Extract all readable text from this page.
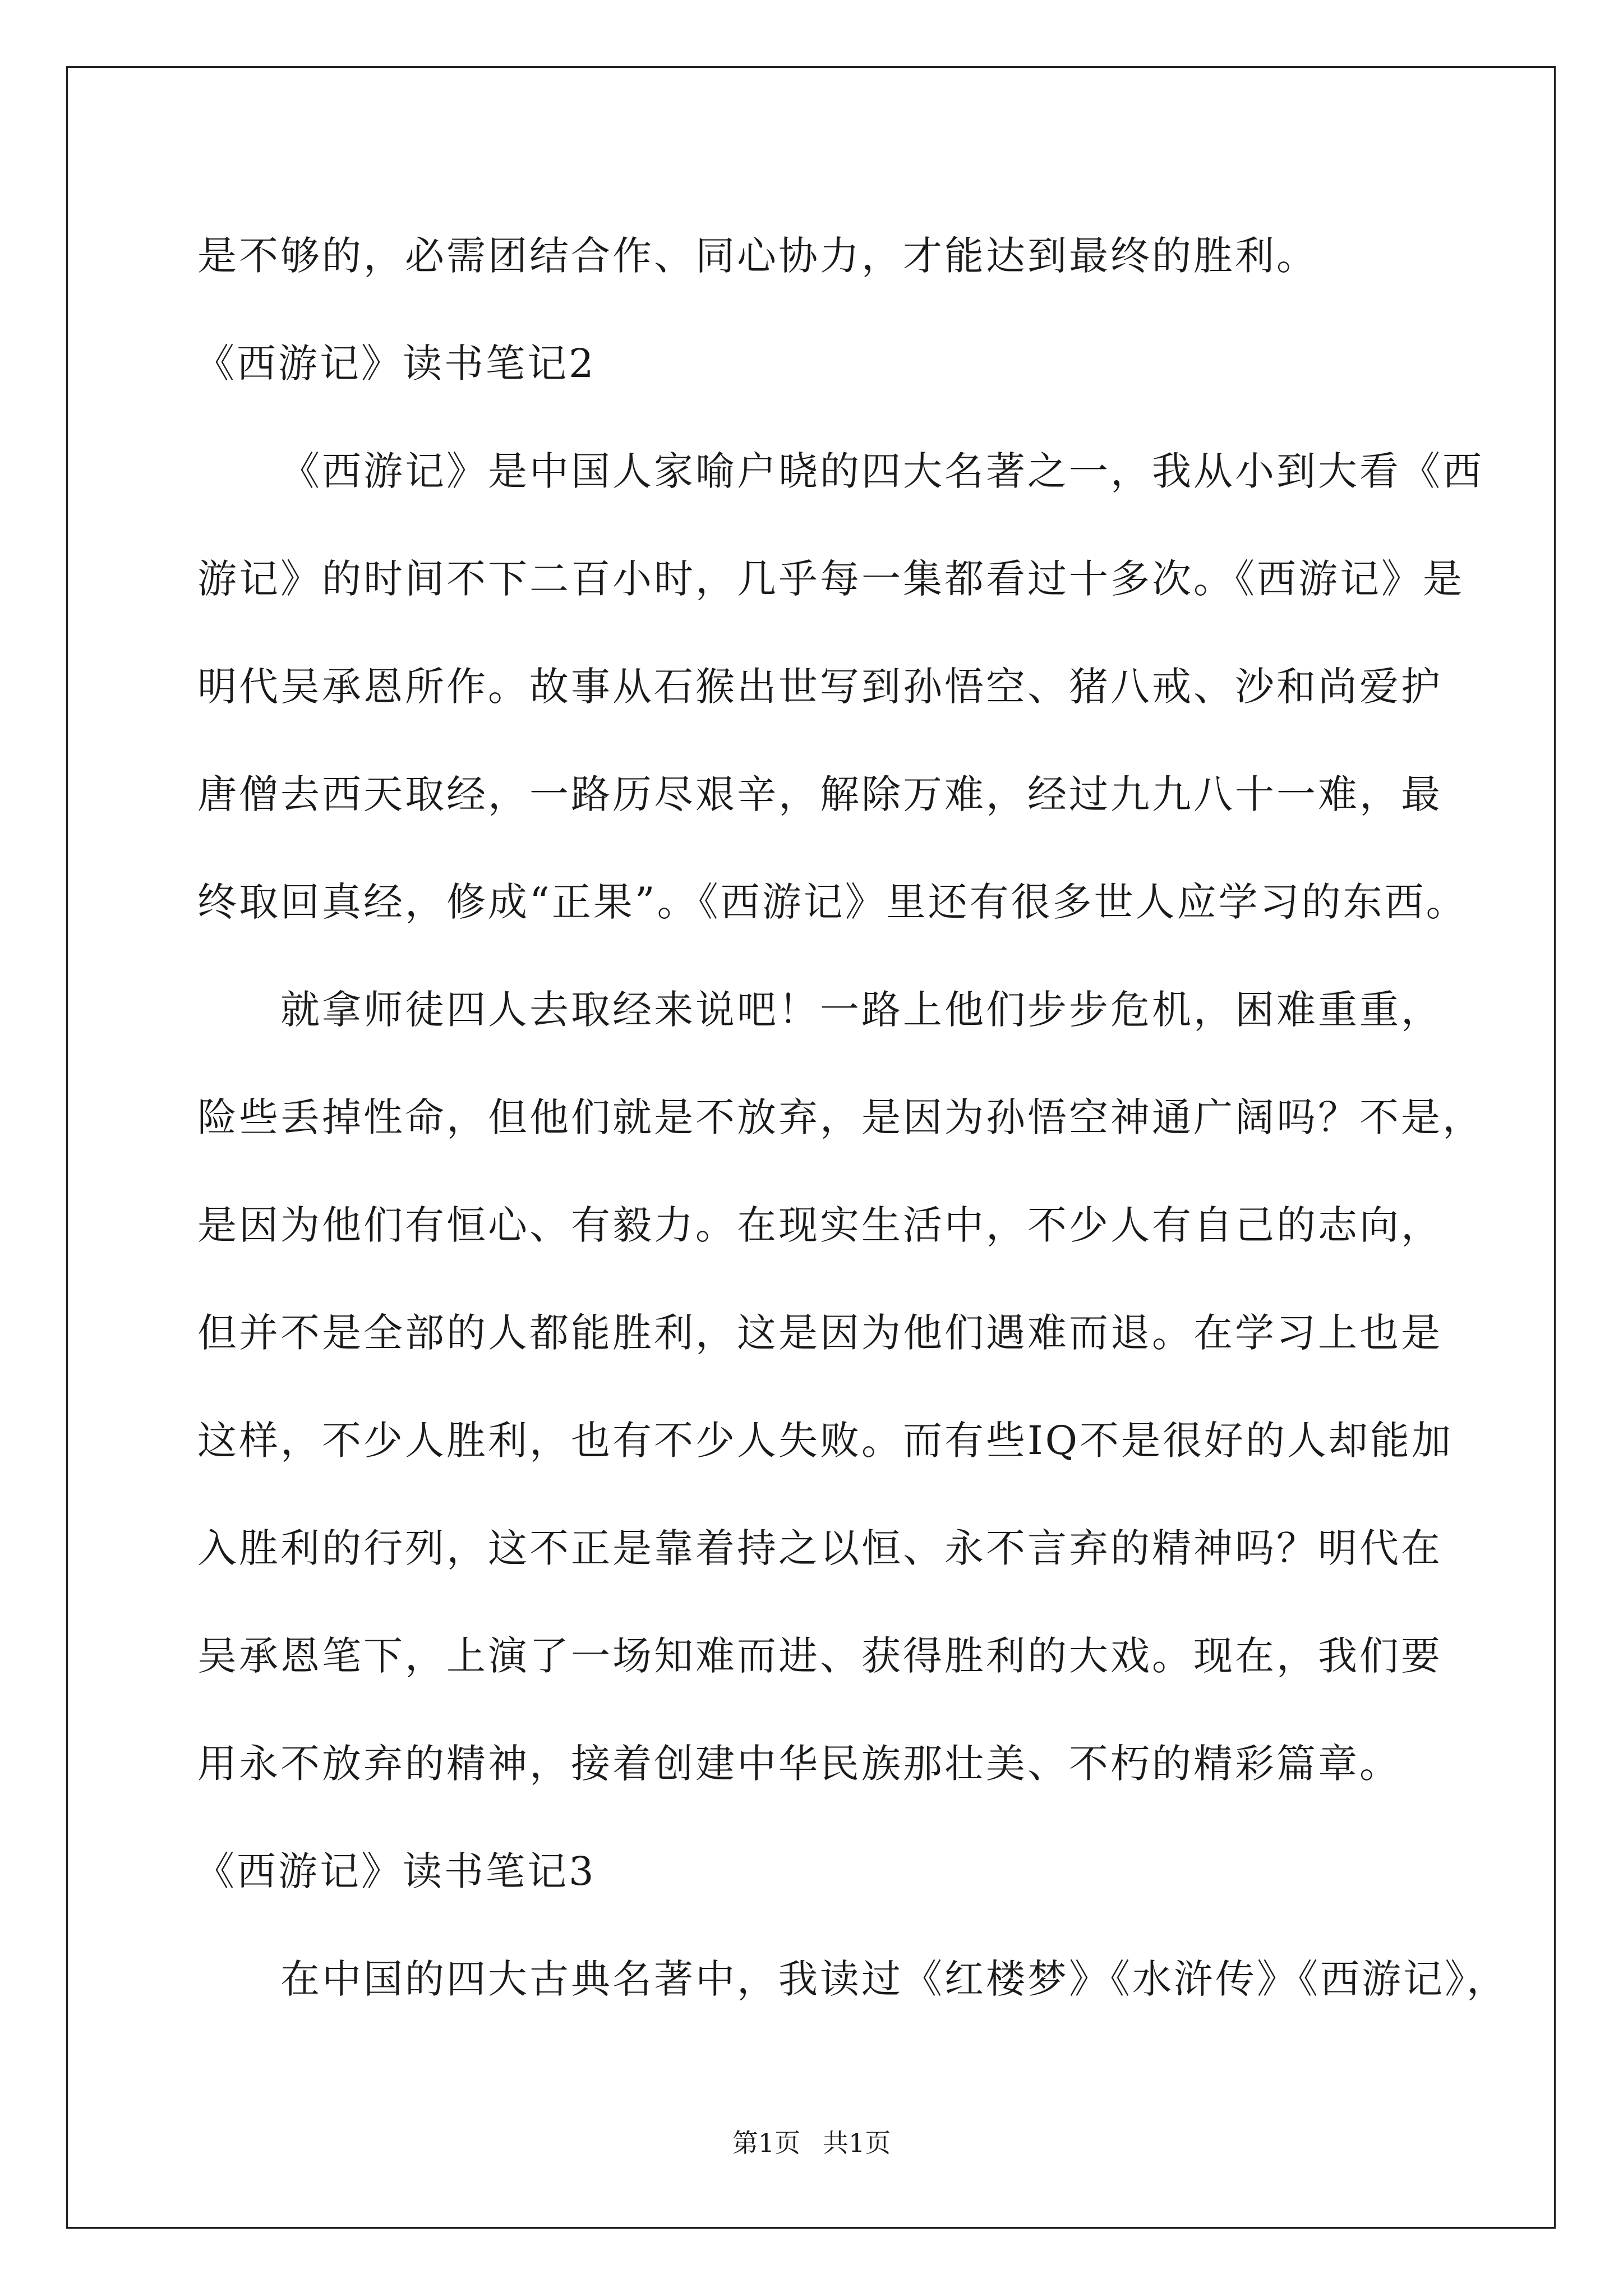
是不够的，必需团结合作、同心协力，才能达到最终的胜利。
《西游记》读书笔记2
《西游记》是中国人家喻户晓的四大名著之一，我从小到大看《西
游记》的时间不下二百小时，几乎每一集都看过十多次。《西游记》是
明代吴承恩所作。故事从石猴出世写到孙悟空、猪八戒、沙和尚爱护
唐僧去西天取经，一路历尽艰辛，解除万难，经过九九八十一难，最
终取回真经，修成“正果”。《西游记》里还有很多世人应学习的东西。
就拿师徒四人去取经来说吧！一路上他们步步危机，困难重重，
险些丢掉性命，但他们就是不放弃，是因为孙悟空神通广阔吗？不是，
是因为他们有恒心、有毅力。在现实生活中，不少人有自己的志向，
但并不是全部的人都能胜利，这是因为他们遇难而退。在学习上也是
这样，不少人胜利，也有不少人失败。而有些IQ不是很好的人却能加
入胜利的行列，这不正是靠着持之以恒、永不言弃的精神吗？明代在
吴承恩笔下，上演了一场知难而进、获得胜利的大戏。现在，我们要
用永不放弃的精神，接着创建中华民族那壮美、不朽的精彩篇章。
《西游记》读书笔记3
在中国的四大古典名著中，我读过《红楼梦》《水浒传》《西游记》，
第1页 共1页
